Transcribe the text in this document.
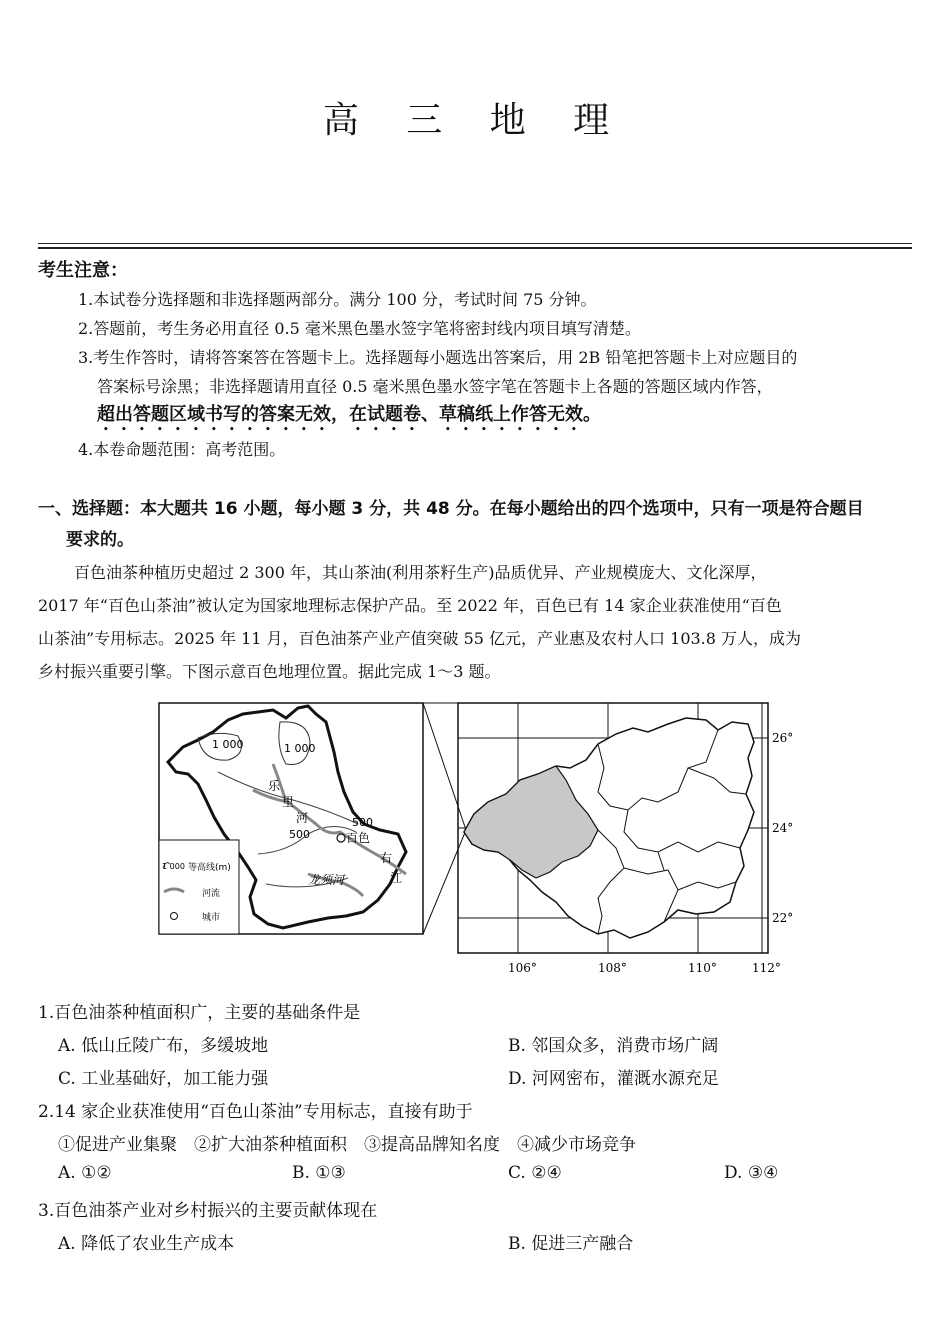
高 三 地 理
考生注意：
1.本试卷分选择题和非选择题两部分。满分 100 分，考试时间 75 分钟。
2.答题前，考生务必用直径 0.5 毫米黑色墨水签字笔将密封线内项目填写清楚。
3.考生作答时，请将答案答在答题卡上。选择题每小题选出答案后，用 2B 铅笔把答题卡上对应题目的
答案标号涂黑；非选择题请用直径 0.5 毫米黑色墨水签字笔在答题卡上各题的答题区域内作答，
超出答题区域书写的答案无效，在试题卷、草稿纸上作答无效。
4.本卷命题范围：高考范围。
一、选择题：本大题共 16 小题，每小题 3 分，共 48 分。在每小题给出的四个选项中，只有一项是符合题目
要求的。
百色油茶种植历史超过 2 300 年，其山茶油(利用茶籽生产)品质优异、产业规模庞大、文化深厚，
2017 年“百色山茶油”被认定为国家地理标志保护产品。至 2022 年，百色已有 14 家企业获准使用“百色
山茶油”专用标志。2025 年 11 月，百色油茶产业产值突破 55 亿元，产业惠及农村人口 103.8 万人，成为
乡村振兴重要引擎。下图示意百色地理位置。据此完成 1～3 题。
1 000	1 000
乐
里
河
500
500
百色
右
江
龙须河
1 000 等高线(m)
河流
城市
26°
24°
22°
106°	108°	110°	112°
1.百色油茶种植面积广，主要的基础条件是
A. 低山丘陵广布，多缓坡地	B. 邻国众多，消费市场广阔
C. 工业基础好，加工能力强	D. 河网密布，灌溉水源充足
2.14 家企业获准使用“百色山茶油”专用标志，直接有助于
①促进产业集聚　②扩大油茶种植面积　③提高品牌知名度　④减少市场竞争
A. ①②	B. ①③	C. ②④	D. ③④
3.百色油茶产业对乡村振兴的主要贡献体现在
A. 降低了农业生产成本	B. 促进三产融合
